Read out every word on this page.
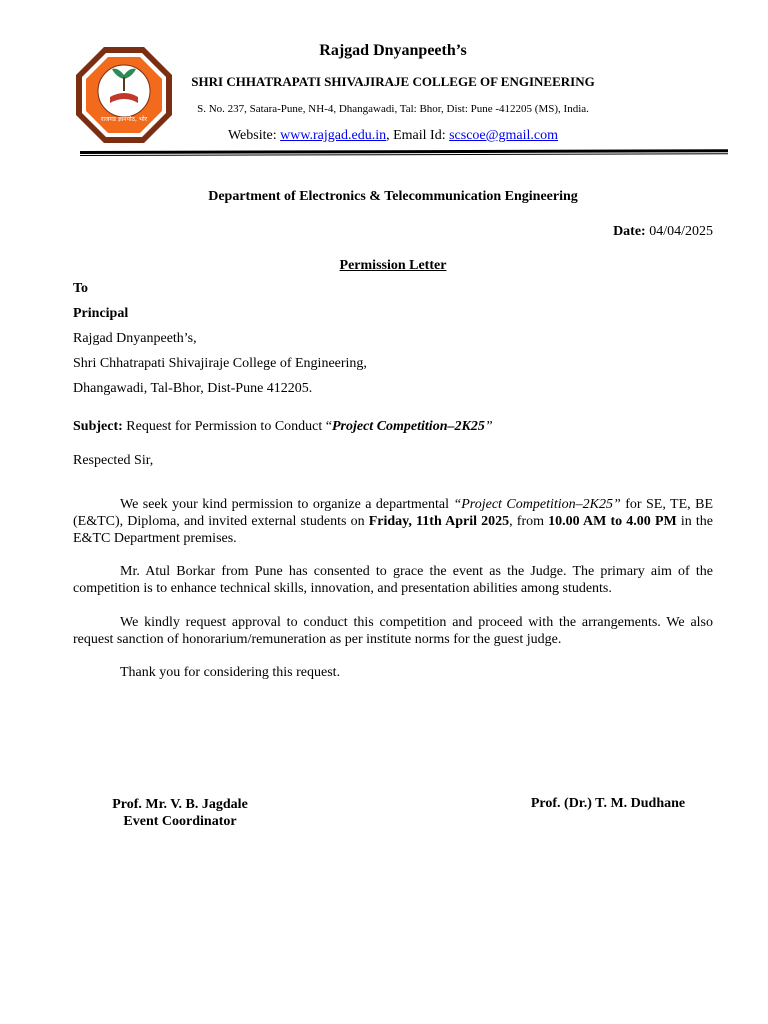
राजगड ज्ञानपीठ, भोर
Rajgad Dnyanpeeth’s
SHRI CHHATRAPATI SHIVAJIRAJE COLLEGE OF ENGINEERING
S. No. 237, Satara-Pune, NH-4, Dhangawadi, Tal: Bhor, Dist: Pune -412205 (MS), India.
Website: www.rajgad.edu.in, Email Id: scscoe@gmail.com
Department of Electronics & Telecommunication Engineering
Date: 04/04/2025
Permission Letter
To
Principal
Rajgad Dnyanpeeth’s,
Shri Chhatrapati Shivajiraje College of Engineering,
Dhangawadi, Tal-Bhor, Dist-Pune 412205.
Subject: Request for Permission to Conduct “Project Competition–2K25”
Respected Sir,

We seek your kind permission to organize a departmental “Project Competition–2K25” for SE, TE, BE (E&TC), Diploma, and invited external students on Friday, 11th April 2025, from 10.00 AM to 4.00 PM in the E&TC Department premises.

Mr. Atul Borkar from Pune has consented to grace the event as the Judge. The primary aim of the competition is to enhance technical skills, innovation, and presentation abilities among students.

We kindly request approval to conduct this competition and proceed with the arrangements. We also request sanction of honorarium/remuneration as per institute norms for the guest judge.

Thank you for considering this request.

Prof. Mr. V. B. Jagdale
Event Coordinator
Prof. (Dr.) T. M. Dudhane
